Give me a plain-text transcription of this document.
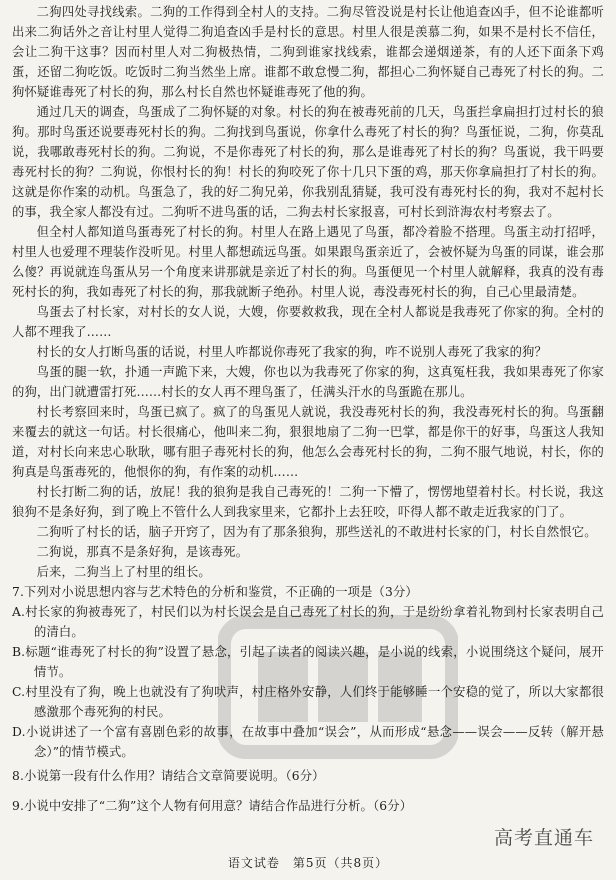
二狗四处寻找线索。二狗的工作得到全村人的支持。二狗尽管没说是村长让他追查凶手，但不论谁都听出来二狗话外之音让村里人觉得二狗追查凶手是村长的意思。村里人很是羡慕二狗，如果不是村长不信任，会让二狗干这事？因而村里人对二狗极热情，二狗到谁家找线索，谁都会递烟递茶，有的人还下面条下鸡蛋，还留二狗吃饭。吃饭时二狗当然坐上席。谁都不敢怠慢二狗，都担心二狗怀疑自己毒死了村长的狗。二狗怀疑谁毒死了村长的狗，那么村长自然也怀疑谁毒死了他的狗。

通过几天的调查，鸟蛋成了二狗怀疑的对象。村长的狗在被毒死前的几天，鸟蛋拦拿扁担打过村长的狼狗。那时鸟蛋还说要毒死村长的狗。二狗找到鸟蛋说，你拿什么毒死了村长的狗？鸟蛋怔说，二狗，你莫乱说，我哪敢毒死村长的狗。二狗说，不是你毒死了村长的狗，那么是谁毒死了村长的狗？鸟蛋说，我干吗要毒死村长的狗？二狗说，你恨村长的狗！村长的狗咬死了你十几只下蛋的鸡，那天你拿扁担打了村长的狗。这就是你作案的动机。鸟蛋急了，我的好二狗兄弟，你我别乱猜疑，我可没有毒死村长的狗，我对不起村长的事，我全家人都没有过。二狗听不进鸟蛋的话，二狗去村长家报喜，可村长到浒海农村考察去了。

但全村人都知道鸟蛋毒死了村长的狗。村里人在路上遇见了鸟蛋，都冷着脸不搭理。鸟蛋主动打招呼，村里人也爱理不理装作没听见。村里人都想疏远鸟蛋。如果跟鸟蛋亲近了，会被怀疑为鸟蛋的同谋，谁会那么傻？再说就连鸟蛋从另一个角度来讲那就是亲近了村长的狗。鸟蛋便见一个村里人就解释，我真的没有毒死村长的狗，我如毒死了村长的狗，那我就断子绝孙。村里人说，毒没毒死村长的狗，自己心里最清楚。

鸟蛋去了村长家，对村长的女人说，大嫂，你要救救我，现在全村人都说是我毒死了你家的狗。全村的人都不理我了……

村长的女人打断鸟蛋的话说，村里人咋都说你毒死了我家的狗，咋不说别人毒死了我家的狗？

鸟蛋的腿一软，扑通一声跪下来，大嫂，你也以为我毒死了你家的狗，这真冤枉我，我如果毒死了你家的狗，出门就遭雷打死……村长的女人再不理鸟蛋了，任满头汗水的鸟蛋跪在那儿。

村长考察回来时，鸟蛋已疯了。疯了的鸟蛋见人就说，我没毒死村长的狗，我没毒死村长的狗。鸟蛋翻来覆去的就这一句话。村长很痛心，他叫来二狗，狠狠地扇了二狗一巴掌，都是你干的好事，鸟蛋这人我知道，对村长向来忠心耿耿，哪有胆子毒死村长的狗，他怎么会毒死村长的狗，二狗不服气地说，村长，你的狗真是鸟蛋毒死的，他恨你的狗，有作案的动机……

村长打断二狗的话，放屁！我的狼狗是我自己毒死的！二狗一下懵了，愣愣地望着村长。村长说，我这狼狗不是条好狗，到了晚上不管什么人到我家里来，它都扑上去狂咬，吓得人都不敢走近我家的门了。

二狗听了村长的话，脑子开窍了，因为有了那条狼狗，那些送礼的不敢进村长家的门，村长自然恨它。

二狗说，那真不是条好狗，是该毒死。

后来，二狗当上了村里的组长。

7.下列对小说思想内容与艺术特色的分析和鉴赏，不正确的一项是（3分）

A.村长家的狗被毒死了，村民们以为村长误会是自己毒死了村长的狗，于是纷纷拿着礼物到村长家表明自己的清白。

B.标题“谁毒死了村长的狗”设置了悬念，引起了读者的阅读兴趣，是小说的线索，小说围绕这个疑问，展开情节。

C.村里没有了狗，晚上也就没有了狗吠声，村庄格外安静，人们终于能够睡一个安稳的觉了，所以大家都很感激那个毒死狗的村民。

D.小说讲述了一个富有喜剧色彩的故事，在故事中叠加“误会”，从而形成“悬念——误会——反转（解开悬念）”的情节模式。

8.小说第一段有什么作用？请结合文章简要说明。（6分）

9.小说中安排了“二狗”这个人物有何用意？请结合作品进行分析。（6分）

高考直通车
语文试卷　第5页（共8页）
